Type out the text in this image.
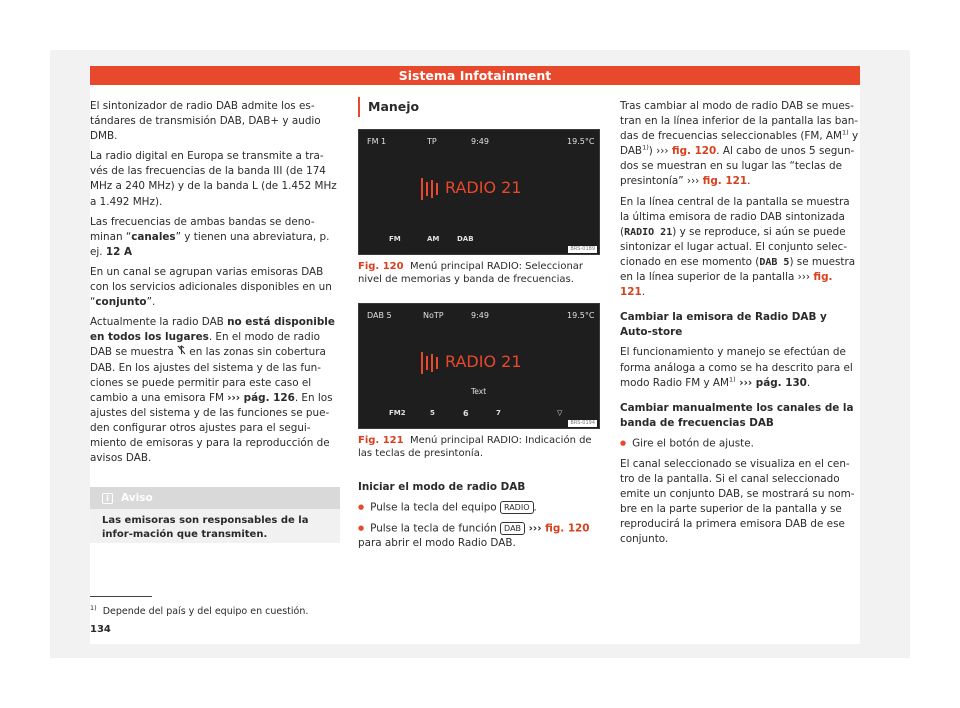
Sistema Infotainment

El sintonizador de radio DAB admite los es-tándares de transmisión DAB, DAB+ y audio DMB.

La radio digital en Europa se transmite a tra-vés de las frecuencias de la banda III (de 174 MHz a 240 MHz) y de la banda L (de 1.452 MHz a 1.492 MHz).

Las frecuencias de ambas bandas se deno-minan “canales” y tienen una abreviatura, p. ej. 12 A

En un canal se agrupan varias emisoras DAB con los servicios adicionales disponibles en un “conjunto”.

Actualmente la radio DAB no está disponible en todos los lugares. En el modo de radio DAB se muestra  en las zonas sin cobertura DAB. En los ajustes del sistema y de las fun-ciones se puede permitir para este caso el cambio a una emisora FM ››› pág. 126. En los ajustes del sistema y de las funciones se pue-den configurar otros ajustes para el segui-miento de emisoras y para la reproducción de avisos DAB.

i Aviso
Las emisoras son responsables de la infor-mación que transmiten.
Manejo
FM 1	TP	9:49	19.5°C
RADIO 21
FM	AM	DAB
BRS-0189
Fig. 120 Menú principal RADIO: Seleccionar nivel de memorias y banda de frecuencias.
DAB 5	NoTP	9:49	19.5°C
RADIO 21
Text
FM2	5	6	7	▽
BRS-0194
Fig. 121 Menú principal RADIO: Indicación de las teclas de presintonía.

Iniciar el modo de radio DAB

● Pulse la tecla del equipo RADIO .

● Pulse la tecla de función DAB ››› fig. 120
para abrir el modo Radio DAB.

Tras cambiar al modo de radio DAB se mues-tran en la línea inferior de la pantalla las ban-das de frecuencias seleccionables (FM, AM$^{1)}$ y DAB$^{1)}$) ››› fig. 120. Al cabo de unos 5 segun-dos se muestran en su lugar las “teclas de presintonía” ››› fig. 121.

En la línea central de la pantalla se muestra la última emisora de radio DAB sintonizada (RADIO 21) y se reproduce, si aún se puede sintonizar el lugar actual. El conjunto selec-cionado en ese momento (DAB 5) se muestra en la línea superior de la pantalla ››› fig. 121.

Cambiar la emisora de Radio DAB y Auto-store

El funcionamiento y manejo se efectúan de forma análoga a como se ha descrito para el modo Radio FM y AM$^{1)}$ ››› pág. 130.

Cambiar manualmente los canales de la banda de frecuencias DAB

● Gire el botón de ajuste.

El canal seleccionado se visualiza en el cen-tro de la pantalla. Si el canal seleccionado emite un conjunto DAB, se mostrará su nom-bre en la parte superior de la pantalla y se reproducirá la primera emisora DAB de ese conjunto.

$^{1)}$ Depende del país y del equipo en cuestión.
134
